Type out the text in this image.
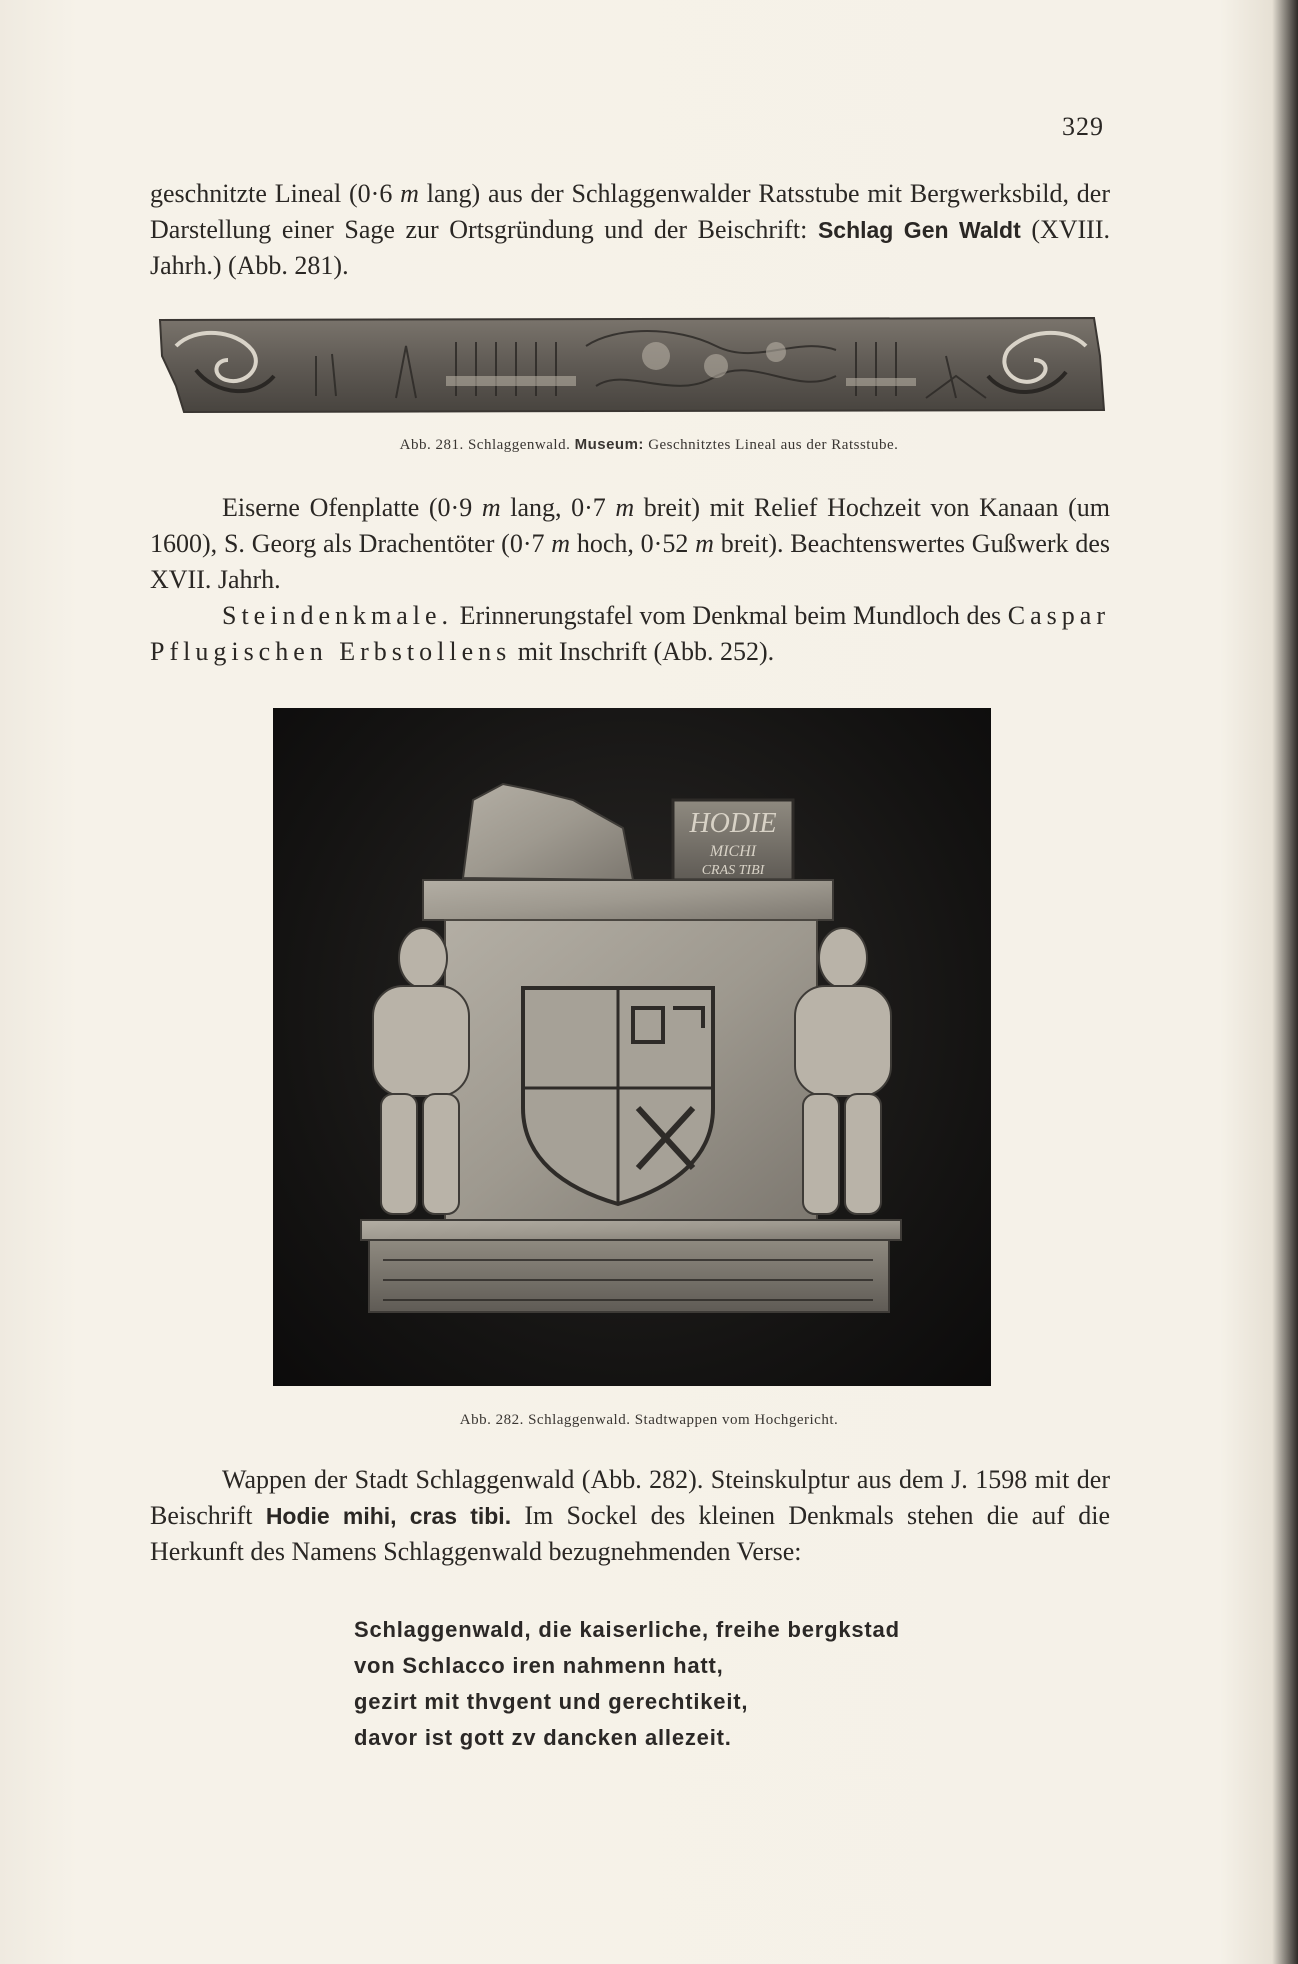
329

geschnitzte Lineal (0·6 m lang) aus der Schlaggenwalder Ratsstube mit Bergwerksbild, der Darstellung einer Sage zur Ortsgründung und der Beischrift: Schlag Gen Waldt (XVIII. Jahrh.) (Abb. 281).

Abb. 281. Schlaggenwald. Museum: Geschnitztes Lineal aus der Ratsstube.

Eiserne Ofenplatte (0·9 m lang, 0·7 m breit) mit Relief Hochzeit von Kanaan (um 1600), S. Georg als Drachentöter (0·7 m hoch, 0·52 m breit). Beachtenswertes Gußwerk des XVII. Jahrh.

Steindenkmale. Erinnerungstafel vom Denkmal beim Mundloch des Caspar Pflugischen Erbstollens mit Inschrift (Abb. 252).

HODIE
MICHI
CRAS TIBI
Abb. 282. Schlaggenwald. Stadtwappen vom Hochgericht.

Wappen der Stadt Schlaggenwald (Abb. 282). Steinskulptur aus dem J. 1598 mit der Beischrift Hodie mihi, cras tibi. Im Sockel des kleinen Denkmals stehen die auf die Herkunft des Namens Schlaggenwald bezugnehmenden Verse:

Schlaggenwald, die kaiserliche, freihe bergkstad
von Schlacco iren nahmenn hatt,
gezirt mit thvgent und gerechtikeit,
davor ist gott zv dancken allezeit.
